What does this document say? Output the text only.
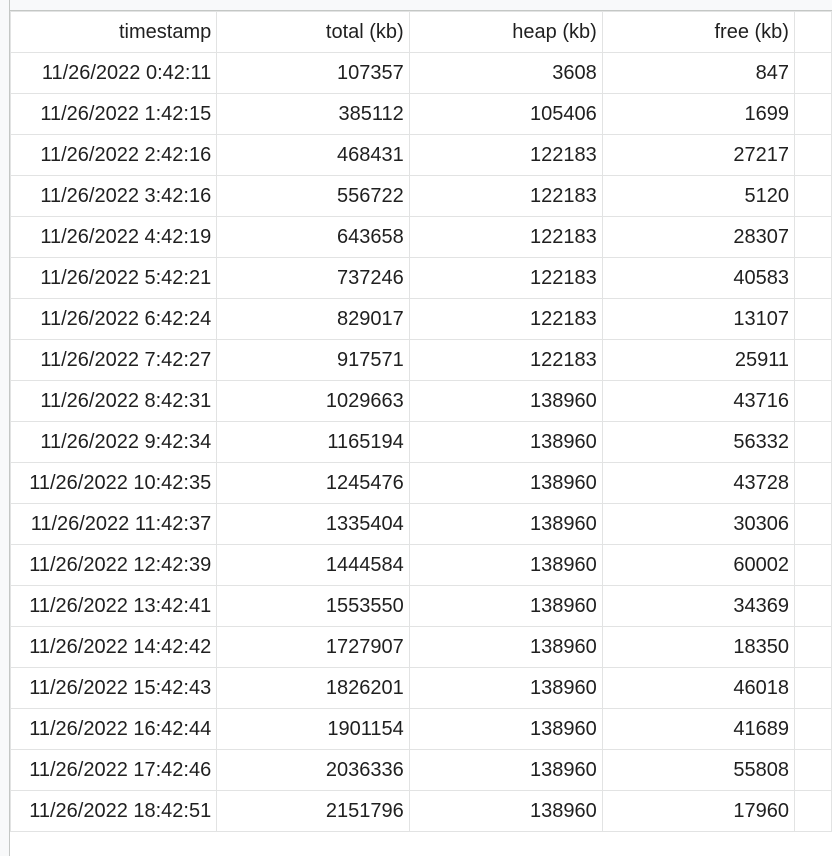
timestamp	total (kb)	heap (kb)	free (kb)	
11/26/2022 0:42:11	107357	3608	847	
11/26/2022 1:42:15	385112	105406	1699	
11/26/2022 2:42:16	468431	122183	27217	
11/26/2022 3:42:16	556722	122183	5120	
11/26/2022 4:42:19	643658	122183	28307	
11/26/2022 5:42:21	737246	122183	40583	
11/26/2022 6:42:24	829017	122183	13107	
11/26/2022 7:42:27	917571	122183	25911	
11/26/2022 8:42:31	1029663	138960	43716	
11/26/2022 9:42:34	1165194	138960	56332	
11/26/2022 10:42:35	1245476	138960	43728	
11/26/2022 11:42:37	1335404	138960	30306	
11/26/2022 12:42:39	1444584	138960	60002	
11/26/2022 13:42:41	1553550	138960	34369	
11/26/2022 14:42:42	1727907	138960	18350	
11/26/2022 15:42:43	1826201	138960	46018	
11/26/2022 16:42:44	1901154	138960	41689	
11/26/2022 17:42:46	2036336	138960	55808	
11/26/2022 18:42:51	2151796	138960	17960	
